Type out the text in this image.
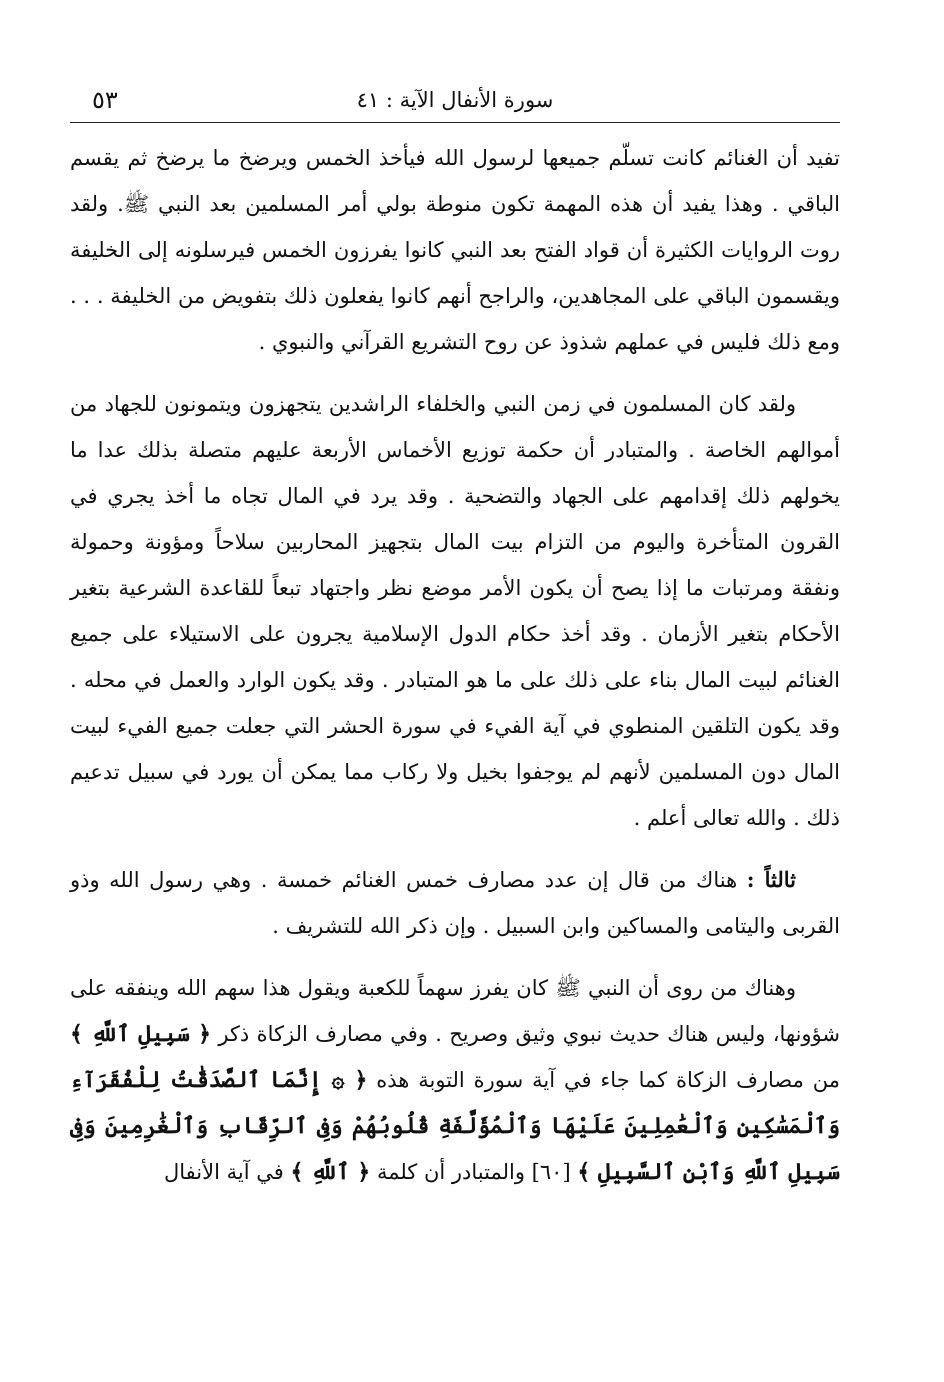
سورة الأنفال الآية : ٤١
٥٣

تفيد أن الغنائم كانت تسلّم جميعها لرسول الله فيأخذ الخمس ويرضخ ما يرضخ ثم يقسم الباقي . وهذا يفيد أن هذه المهمة تكون منوطة بولي أمر المسلمين بعد النبي ﷺ. ولقد روت الروايات الكثيرة أن قواد الفتح بعد النبي كانوا يفرزون الخمس فيرسلونه إلى الخليفة ويقسمون الباقي على المجاهدين، والراجح أنهم كانوا يفعلون ذلك بتفويض من الخليفة . . . ومع ذلك فليس في عملهم شذوذ عن روح التشريع القرآني والنبوي .

ولقد كان المسلمون في زمن النبي والخلفاء الراشدين يتجهزون ويتمونون للجهاد من أموالهم الخاصة . والمتبادر أن حكمة توزيع الأخماس الأربعة عليهم متصلة بذلك عدا ما يخولهم ذلك إقدامهم على الجهاد والتضحية . وقد يرد في المال تجاه ما أخذ يجري في القرون المتأخرة واليوم من التزام بيت المال بتجهيز المحاربين سلاحاً ومؤونة وحمولة ونفقة ومرتبات ما إذا يصح أن يكون الأمر موضع نظر واجتهاد تبعاً للقاعدة الشرعية بتغير الأحكام بتغير الأزمان . وقد أخذ حكام الدول الإسلامية يجرون على الاستيلاء على جميع الغنائم لبيت المال بناء على ذلك على ما هو المتبادر . وقد يكون الوارد والعمل في محله . وقد يكون التلقين المنطوي في آية الفيء في سورة الحشر التي جعلت جميع الفيء لبيت المال دون المسلمين لأنهم لم يوجفوا بخيل ولا ركاب مما يمكن أن يورد في سبيل تدعيم ذلك . والله تعالى أعلم .

ثالثاً : هناك من قال إن عدد مصارف خمس الغنائم خمسة . وهي رسول الله وذو القربى واليتامى والمساكين وابن السبيل . وإن ذكر الله للتشريف .

وهناك من روى أن النبي ﷺ كان يفرز سهماً للكعبة ويقول هذا سهم الله وينفقه على شؤونها، وليس هناك حديث نبوي وثيق وصريح . وفي مصارف الزكاة ذكر ﴿ سَبِيلِ ٱللَّهِ ﴾ من مصارف الزكاة كما جاء في آية سورة التوبة هذه ﴿ ۞ إِنَّمَا ٱلصَّدَقَٰتُ لِلْفُقَرَآءِ وَٱلْمَسَٰكِينِ وَٱلْعَٰمِلِينَ عَلَيْهَا وَٱلْمُؤَلَّفَةِ قُلُوبُهُمْ وَفِى ٱلرِّقَابِ وَٱلْغَٰرِمِينَ وَفِى سَبِيلِ ٱللَّهِ وَٱبْنِ ٱلسَّبِيلِ ﴾ [٦٠] والمتبادر أن كلمة ﴿ ٱللَّهِ ﴾ في آية الأنفال
